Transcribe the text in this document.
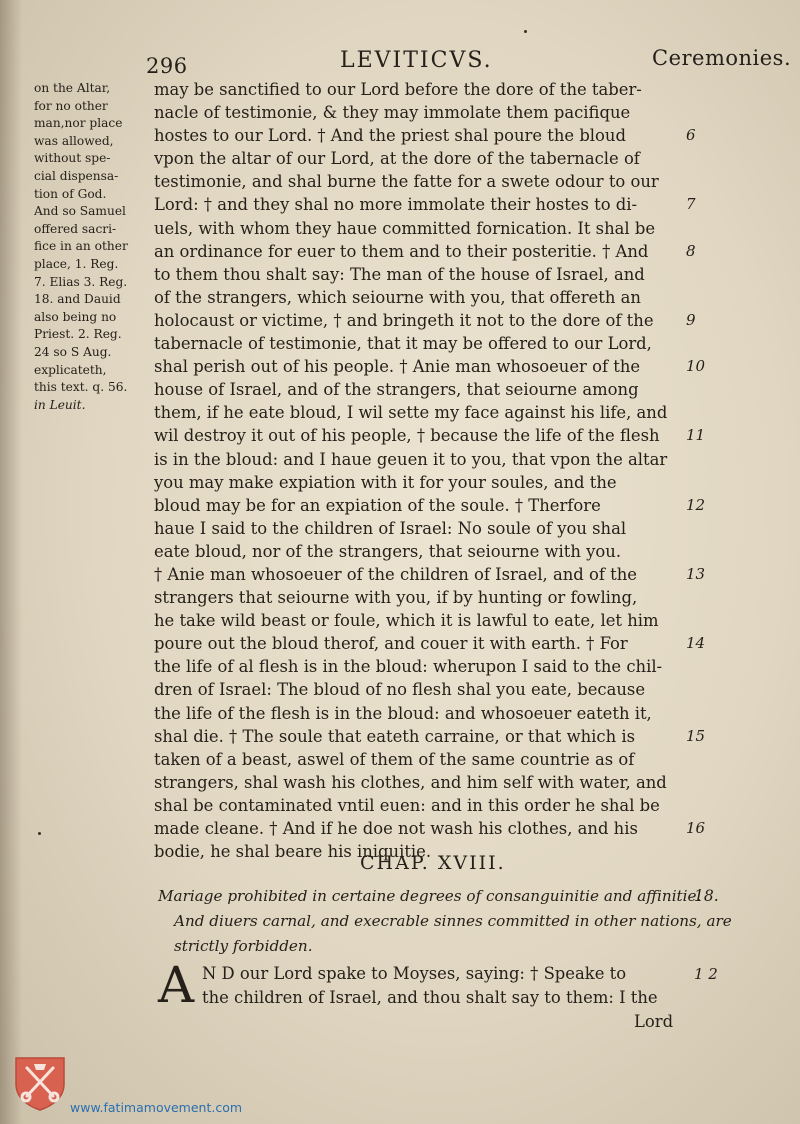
296	LEVITICVS.	Ceremonies.
on the Altar,
for no other
man,nor place
was allowed,
without spe-
cial dispensa-
tion of God.
And so Samuel
offered sacri-
fice in an other
place, 1. Reg.
7. Elias 3. Reg.
18. and Dauid
also being no
Priest. 2. Reg.
24 so S Aug.
explicateth,
this text. q. 56.
in Leuit.
may be sanctified to our Lord before the dore of the taber-
nacle of testimonie, & they may immolate them pacifique
hostes to our Lord. † And the priest shal poure the bloud	6
vpon the altar of our Lord, at the dore of the tabernacle of
testimonie, and shal burne the fatte for a swete odour to our
Lord: † and they shal no more immolate their hostes to di-	7
uels, with whom they haue committed fornication. It shal be
an ordinance for euer to them and to their posteritie. † And	8
to them thou shalt say: The man of the house of Israel, and
of the strangers, which seiourne with you, that offereth an
holocaust or victime, † and bringeth it not to the dore of the 9
tabernacle of testimonie, that it may be offered to our Lord,
shal perish out of his people. † Anie man whosoeuer of the	10
house of Israel, and of the strangers, that seiourne among
them, if he eate bloud, I wil sette my face against his life, and
wil destroy it out of his people, † because the life of the flesh 11
is in the bloud: and I haue geuen it to you, that vpon the altar
you may make expiation with it for your soules, and the
bloud may be for an expiation of the soule. † Therfore	12
haue I said to the children of Israel: No soule of you shal
eate bloud, nor of the strangers, that seiourne with you.
† Anie man whosoeuer of the children of Israel, and of the	13
strangers that seiourne with you, if by hunting or fowling,
he take wild beast or foule, which it is lawful to eate, let him
poure out the bloud therof, and couer it with earth. † For	14
the life of al flesh is in the bloud: wherupon I said to the chil-
dren of Israel: The bloud of no flesh shal you eate, because
the life of the flesh is in the bloud: and whosoeuer eateth it,
shal die. † The soule that eateth carraine, or that which is	15
taken of a beast, aswel of them of the same countrie as of
strangers, shal wash his clothes, and him self with water, and
shal be contaminated vntil euen: and in this order he shal be
made cleane. † And if he doe not wash his clothes, and his	16
bodie, he shal beare his iniquitie.
CHAP. XVIII.
Mariage prohibited in certaine degrees of consanguinitie and affinitie.
18.
And diuers carnal, and execrable sinnes committed in other nations, are
strictly forbidden.
A N D our Lord spake to Moyses, saying: † Speake to	1 2
the children of Israel, and thou shalt say to them: I the
Lord
www.fatimamovement.com
